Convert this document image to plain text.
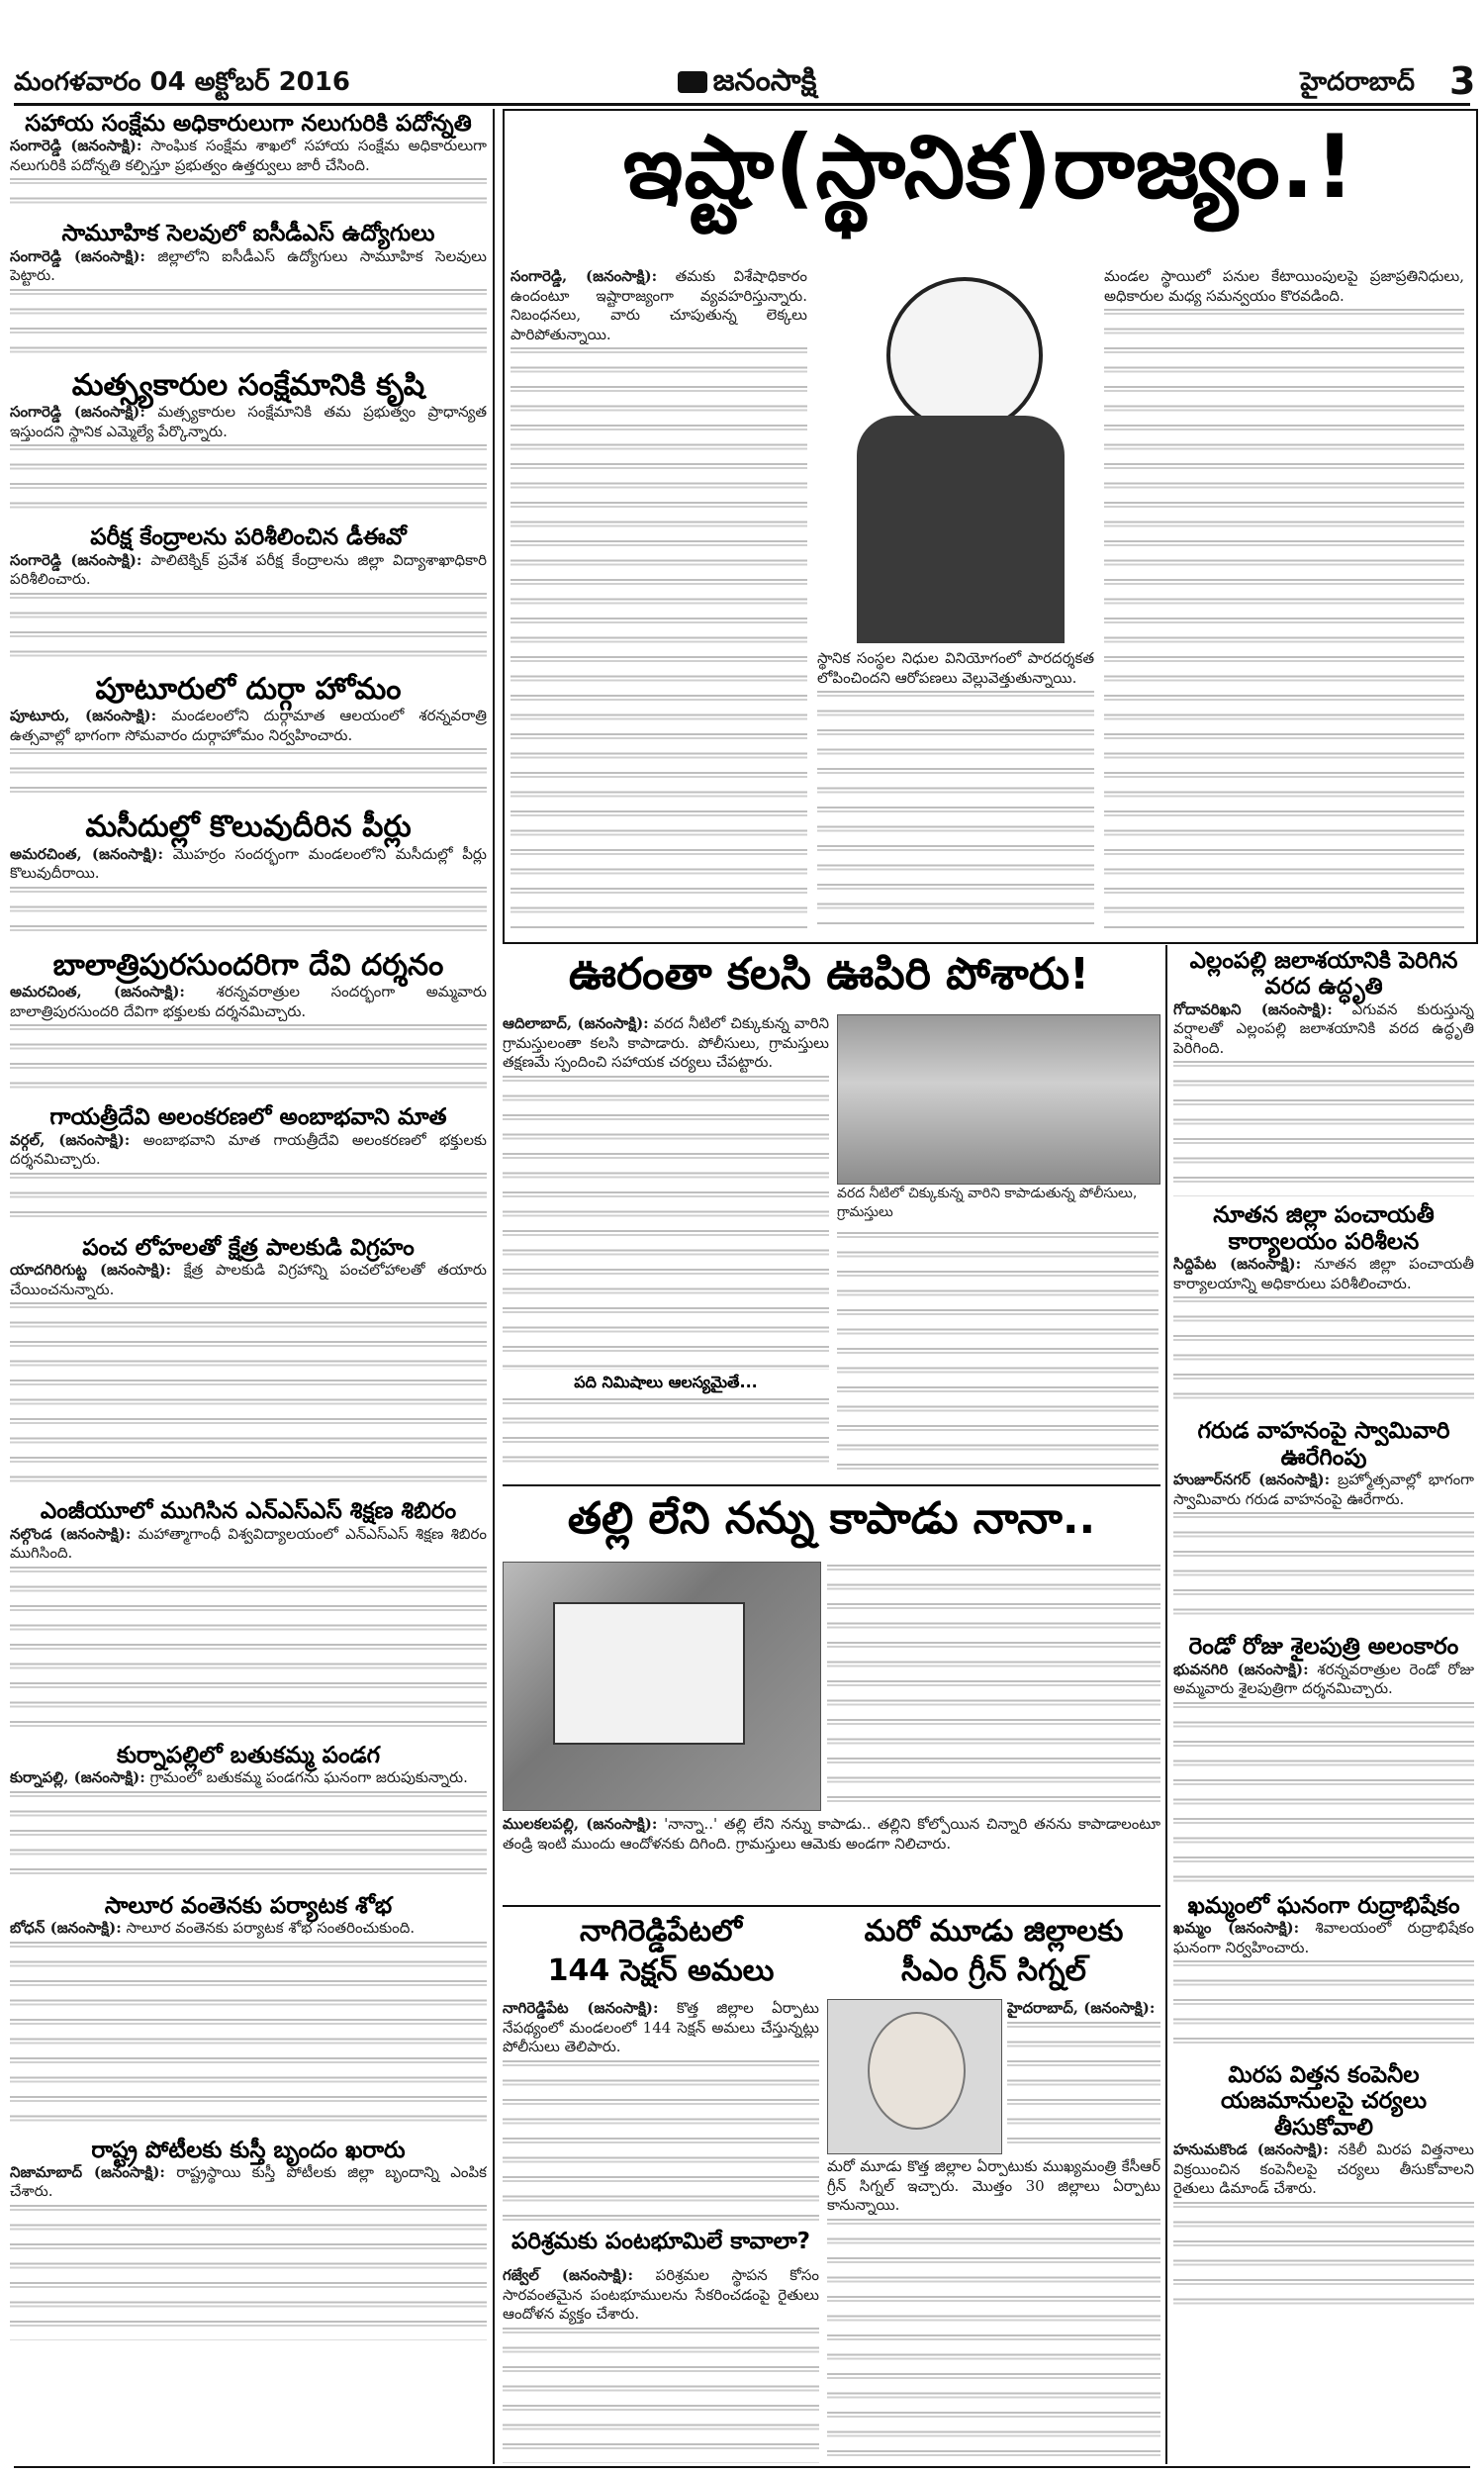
మంగళవారం 04 అక్టోబర్ 2016	జనంసాక్షి	హైదరాబాద్ 3
సహాయ సంక్షేమ అధికారులుగా నలుగురికి పదోన్నతి
సంగారెడ్డి (జనంసాక్షి): సాంఘిక సంక్షేమ శాఖలో సహాయ సంక్షేమ అధికారులుగా నలుగురికి పదోన్నతి కల్పిస్తూ ప్రభుత్వం ఉత్తర్వులు జారీ చేసింది.
సామూహిక సెలవులో ఐసీడీఎస్ ఉద్యోగులు
సంగారెడ్డి (జనంసాక్షి): జిల్లాలోని ఐసీడీఎస్ ఉద్యోగులు సామూహిక సెలవులు పెట్టారు.
మత్స్యకారుల సంక్షేమానికి కృషి
సంగారెడ్డి (జనంసాక్షి): మత్స్యకారుల సంక్షేమానికి తమ ప్రభుత్వం ప్రాధాన్యత ఇస్తుందని స్థానిక ఎమ్మెల్యే పేర్కొన్నారు.
పరీక్ష కేంద్రాలను పరిశీలించిన డీఈవో
సంగారెడ్డి (జనంసాక్షి): పాలిటెక్నిక్ ప్రవేశ పరీక్ష కేంద్రాలను జిల్లా విద్యాశాఖాధికారి పరిశీలించారు.
పూటూరులో దుర్గా హోమం
పూటూరు, (జనంసాక్షి): మండలంలోని దుర్గామాత ఆలయంలో శరన్నవరాత్రి ఉత్సవాల్లో భాగంగా సోమవారం దుర్గాహోమం నిర్వహించారు.
మసీదుల్లో కొలువుదీరిన పీర్లు
అమరచింత, (జనంసాక్షి): మొహర్రం సందర్భంగా మండలంలోని మసీదుల్లో పీర్లు కొలువుదీరాయి.
బాలాత్రిపురసుందరిగా దేవి దర్శనం
అమరచింత, (జనంసాక్షి): శరన్నవరాత్రుల సందర్భంగా అమ్మవారు బాలాత్రిపురసుందరి దేవిగా భక్తులకు దర్శనమిచ్చారు.
గాయత్రీదేవి అలంకరణలో అంబాభవాని మాత
వర్గల్, (జనంసాక్షి): అంబాభవాని మాత గాయత్రీదేవి అలంకరణలో భక్తులకు దర్శనమిచ్చారు.
పంచ లోహలతో క్షేత్ర పాలకుడి విగ్రహం
యాదగిరిగుట్ట (జనంసాక్షి): క్షేత్ర పాలకుడి విగ్రహాన్ని పంచలోహాలతో తయారు చేయించనున్నారు.
ఎంజీయూలో ముగిసిన ఎన్ఎస్ఎస్ శిక్షణ శిబిరం
నల్గొండ (జనంసాక్షి): మహాత్మాగాంధీ విశ్వవిద్యాలయంలో ఎన్ఎస్ఎస్ శిక్షణ శిబిరం ముగిసింది.
కుర్నాపల్లిలో బతుకమ్మ పండగ
కుర్నాపల్లి, (జనంసాక్షి): గ్రామంలో బతుకమ్మ పండగను ఘనంగా జరుపుకున్నారు.
సాలూర వంతెనకు పర్యాటక శోభ
బోధన్ (జనంసాక్షి): సాలూర వంతెనకు పర్యాటక శోభ సంతరించుకుంది.
రాష్ట్ర పోటీలకు కుస్తీ బృందం ఖరారు
నిజామాబాద్ (జనంసాక్షి): రాష్ట్రస్థాయి కుస్తీ పోటీలకు జిల్లా బృందాన్ని ఎంపిక చేశారు.
ఇష్టా(స్థానిక)రాజ్యం.!
సంగారెడ్డి, (జనంసాక్షి): తమకు విశేషాధికారం ఉందంటూ ఇష్టారాజ్యంగా వ్యవహరిస్తున్నారు. నిబంధనలు, వారు చూపుతున్న లెక్కలు పారిపోతున్నాయి.
స్థానిక సంస్థల నిధుల వినియోగంలో పారదర్శకత లోపించిందని ఆరోపణలు వెల్లువెత్తుతున్నాయి.
మండల స్థాయిలో పనుల కేటాయింపులపై ప్రజాప్రతినిధులు, అధికారుల మధ్య సమన్వయం కొరవడింది.
ఊరంతా కలసి ఊపిరి పోశారు!
ఆదిలాబాద్, (జనంసాక్షి): వరద నీటిలో చిక్కుకున్న వారిని గ్రామస్తులంతా కలసి కాపాడారు. పోలీసులు, గ్రామస్తులు తక్షణమే స్పందించి సహాయక చర్యలు చేపట్టారు.
పది నిమిషాలు ఆలస్యమైతే...
వరద నీటిలో చిక్కుకున్న వారిని కాపాడుతున్న పోలీసులు, గ్రామస్తులు
ఎల్లంపల్లి జలాశయానికి పెరిగిన వరద ఉద్ధృతి
గోదావరిఖని (జనంసాక్షి): ఎగువన కురుస్తున్న వర్షాలతో ఎల్లంపల్లి జలాశయానికి వరద ఉద్ధృతి పెరిగింది.
నూతన జిల్లా పంచాయతీ కార్యాలయం పరిశీలన
సిద్దిపేట (జనంసాక్షి): నూతన జిల్లా పంచాయతీ కార్యాలయాన్ని అధికారులు పరిశీలించారు.
గరుడ వాహనంపై స్వామివారి ఊరేగింపు
హుజూర్‌నగర్ (జనంసాక్షి): బ్రహ్మోత్సవాల్లో భాగంగా స్వామివారు గరుడ వాహనంపై ఊరేగారు.
రెండో రోజు శైలపుత్రి అలంకారం
భువనగిరి (జనంసాక్షి): శరన్నవరాత్రుల రెండో రోజు అమ్మవారు శైలపుత్రిగా దర్శనమిచ్చారు.
ఖమ్మంలో ఘనంగా రుద్రాభిషేకం
ఖమ్మం (జనంసాక్షి): శివాలయంలో రుద్రాభిషేకం ఘనంగా నిర్వహించారు.
మిరప విత్తన కంపెనీల యజమానులపై చర్యలు తీసుకోవాలి
హనుమకొండ (జనంసాక్షి): నకిలీ మిరప విత్తనాలు విక్రయించిన కంపెనీలపై చర్యలు తీసుకోవాలని రైతులు డిమాండ్ చేశారు.
తల్లి లేని నన్ను కాపాడు నానా..
ములకలపల్లి, (జనంసాక్షి): 'నాన్నా..' తల్లి లేని నన్ను కాపాడు.. తల్లిని కోల్పోయిన చిన్నారి తనను కాపాడాలంటూ తండ్రి ఇంటి ముందు ఆందోళనకు దిగింది. గ్రామస్తులు ఆమెకు అండగా నిలిచారు.
నాగిరెడ్డిపేటలో
144 సెక్షన్ అమలు
నాగిరెడ్డిపేట (జనంసాక్షి): కొత్త జిల్లాల ఏర్పాటు నేపథ్యంలో మండలంలో 144 సెక్షన్ అమలు చేస్తున్నట్లు పోలీసులు తెలిపారు.
పరిశ్రమకు పంటభూమిలే కావాలా?
గజ్వేల్ (జనంసాక్షి): పరిశ్రమల స్థాపన కోసం సారవంతమైన పంటభూములను సేకరించడంపై రైతులు ఆందోళన వ్యక్తం చేశారు.
మరో మూడు జిల్లాలకు
సీఎం గ్రీన్ సిగ్నల్
హైదరాబాద్, (జనంసాక్షి):
మరో మూడు కొత్త జిల్లాల ఏర్పాటుకు ముఖ్యమంత్రి కేసీఆర్ గ్రీన్ సిగ్నల్ ఇచ్చారు. మొత్తం 30 జిల్లాలు ఏర్పాటు కానున్నాయి.
